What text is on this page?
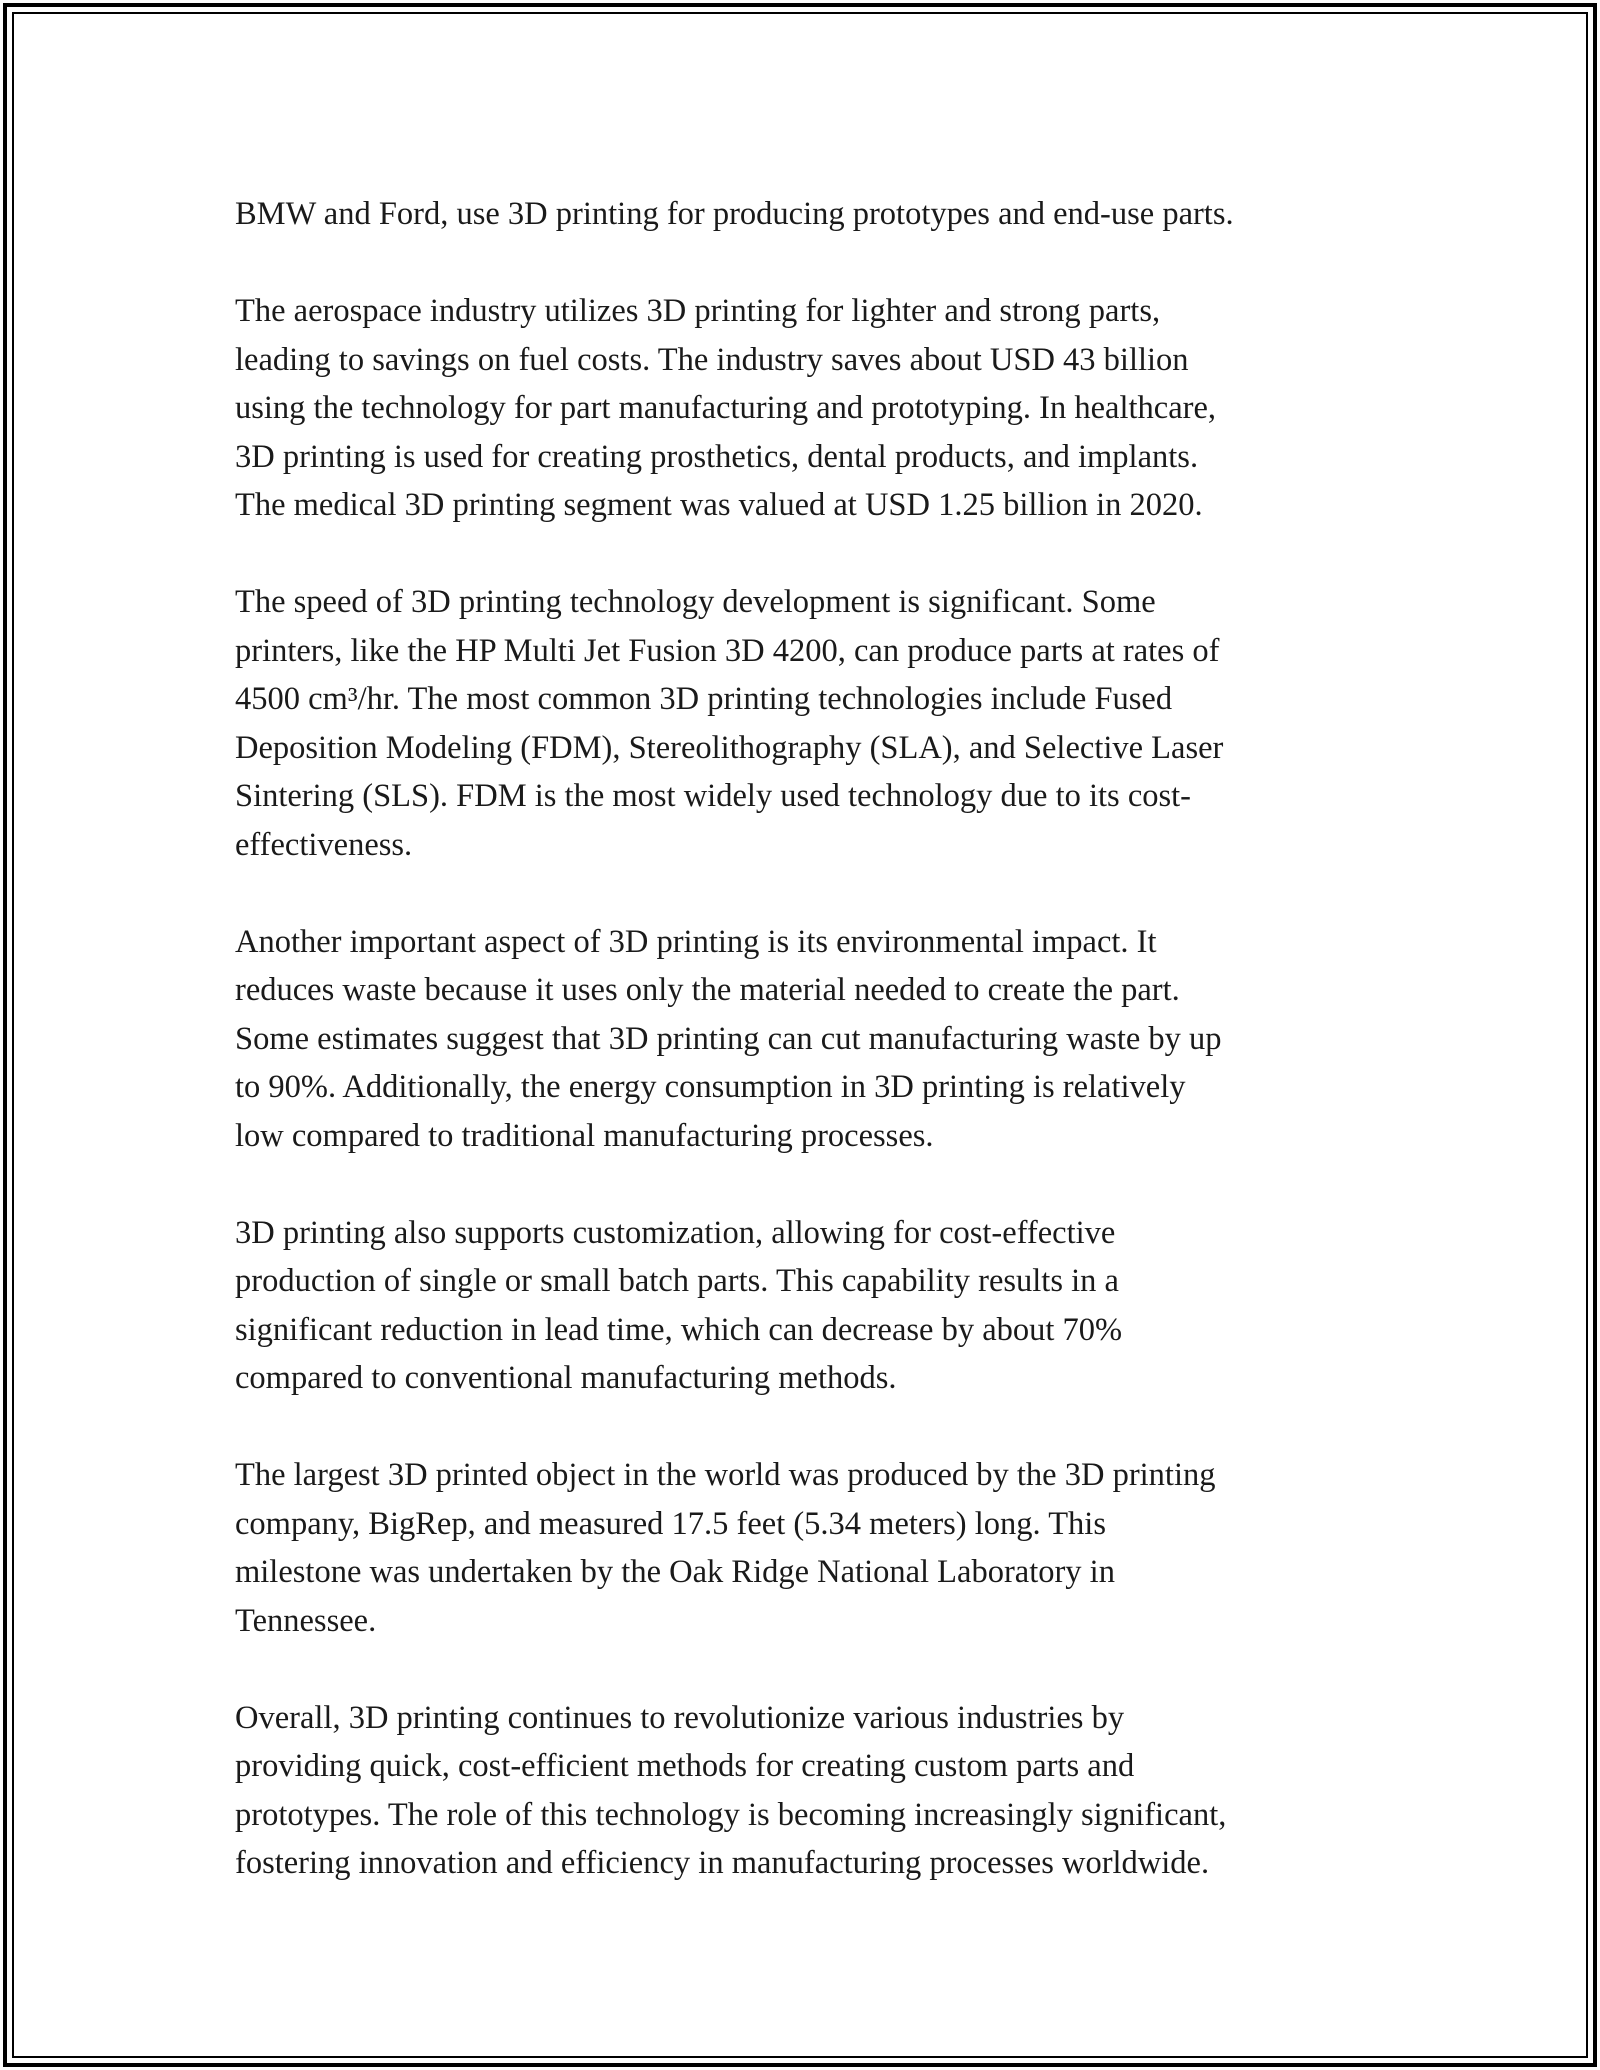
BMW and Ford, use 3D printing for producing prototypes and end-use parts.

The aerospace industry utilizes 3D printing for lighter and strong parts,
leading to savings on fuel costs. The industry saves about USD 43 billion
using the technology for part manufacturing and prototyping. In healthcare,
3D printing is used for creating prosthetics, dental products, and implants.
The medical 3D printing segment was valued at USD 1.25 billion in 2020.

The speed of 3D printing technology development is significant. Some
printers, like the HP Multi Jet Fusion 3D 4200, can produce parts at rates of
4500 cm³/hr. The most common 3D printing technologies include Fused
Deposition Modeling (FDM), Stereolithography (SLA), and Selective Laser
Sintering (SLS). FDM is the most widely used technology due to its cost-
effectiveness.

Another important aspect of 3D printing is its environmental impact. It
reduces waste because it uses only the material needed to create the part.
Some estimates suggest that 3D printing can cut manufacturing waste by up
to 90%. Additionally, the energy consumption in 3D printing is relatively
low compared to traditional manufacturing processes.

3D printing also supports customization, allowing for cost-effective
production of single or small batch parts. This capability results in a
significant reduction in lead time, which can decrease by about 70%
compared to conventional manufacturing methods.

The largest 3D printed object in the world was produced by the 3D printing
company, BigRep, and measured 17.5 feet (5.34 meters) long. This
milestone was undertaken by the Oak Ridge National Laboratory in
Tennessee.

Overall, 3D printing continues to revolutionize various industries by
providing quick, cost-efficient methods for creating custom parts and
prototypes. The role of this technology is becoming increasingly significant,
fostering innovation and efficiency in manufacturing processes worldwide.
